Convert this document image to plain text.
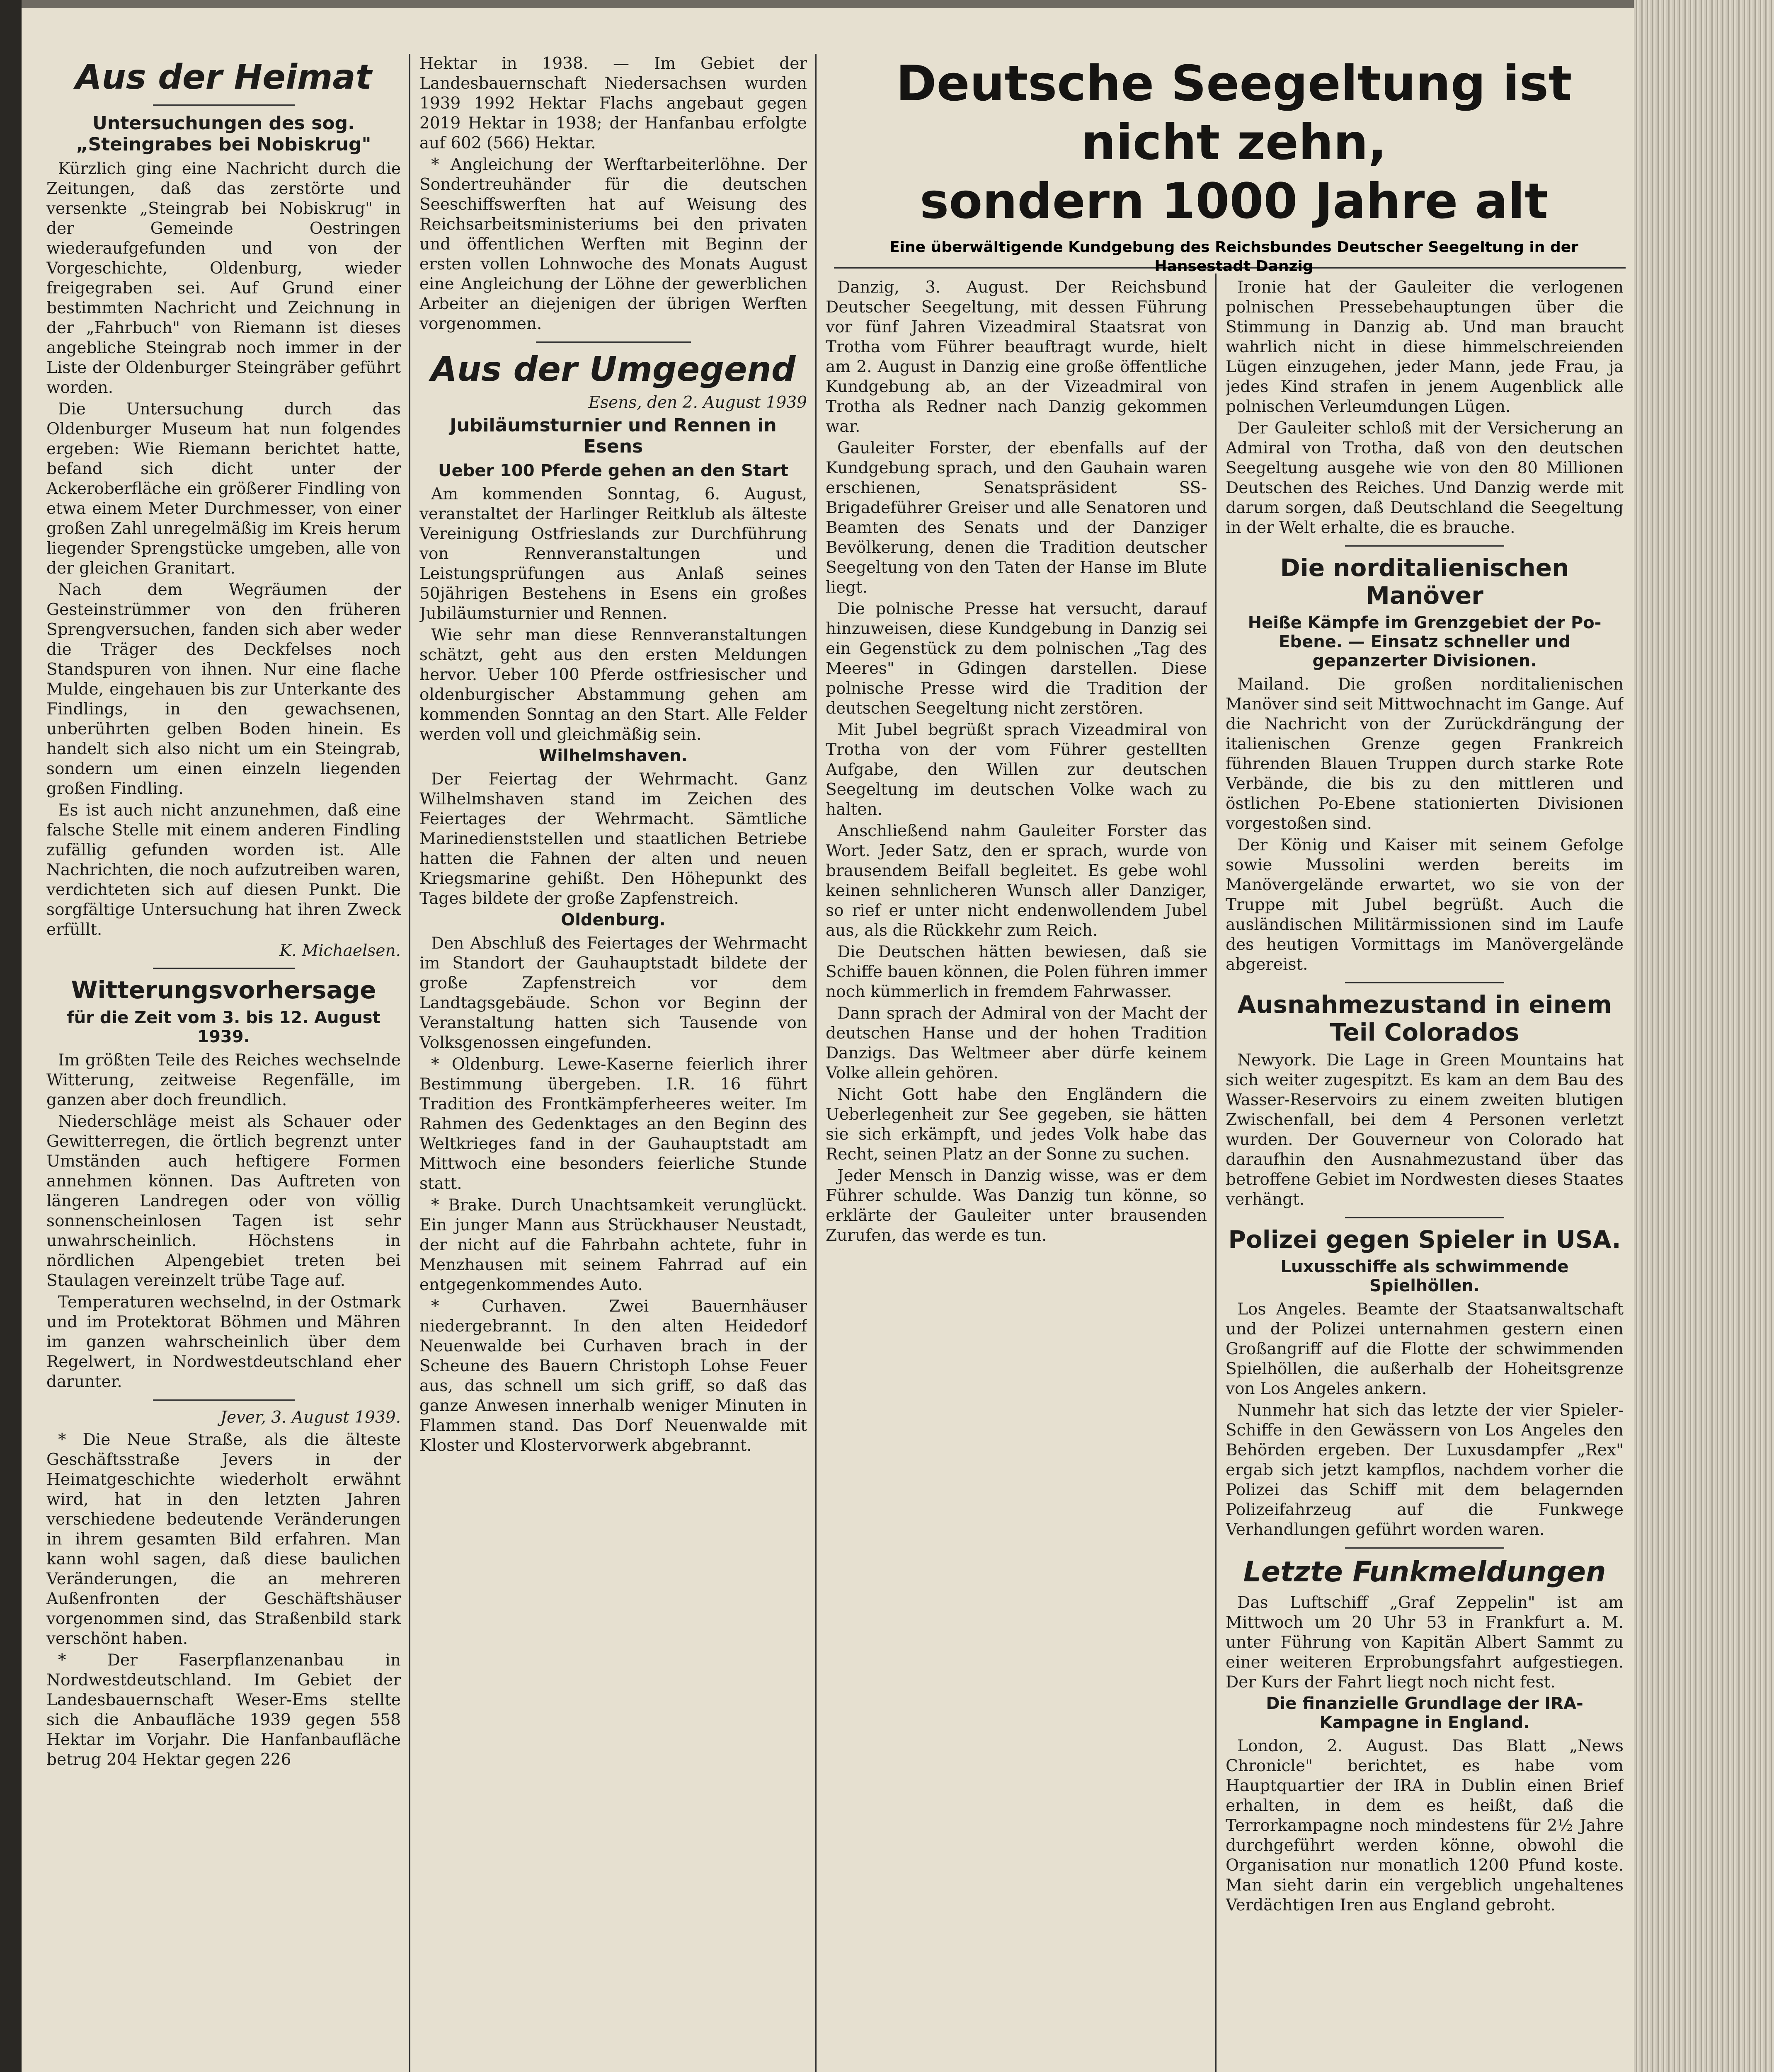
Aus der Heimat
Untersuchungen des sog. „Steingrabes bei Nobiskrug"

Kürzlich ging eine Nachricht durch die Zeitungen, daß das zerstörte und versenkte „Steingrab bei Nobiskrug" in der Gemeinde Oestringen wiederaufgefunden und von der Vorgeschichte, Oldenburg, wieder freigegraben sei. Auf Grund einer bestimmten Nachricht und Zeichnung in der „Fahrbuch" von Riemann ist dieses angebliche Steingrab noch immer in der Liste der Oldenburger Steingräber geführt worden.

Die Untersuchung durch das Oldenburger Museum hat nun folgendes ergeben: Wie Riemann berichtet hatte, befand sich dicht unter der Ackeroberfläche ein größerer Findling von etwa einem Meter Durchmesser, von einer großen Zahl unregelmäßig im Kreis herum liegender Sprengstücke umgeben, alle von der gleichen Granitart.

Nach dem Wegräumen der Gesteinstrümmer von den früheren Sprengversuchen, fanden sich aber weder die Träger des Deckfelses noch Standspuren von ihnen. Nur eine flache Mulde, eingehauen bis zur Unterkante des Findlings, in den gewachsenen, unberührten gelben Boden hinein. Es handelt sich also nicht um ein Steingrab, sondern um einen einzeln liegenden großen Findling.

Es ist auch nicht anzunehmen, daß eine falsche Stelle mit einem anderen Findling zufällig gefunden worden ist. Alle Nachrichten, die noch aufzutreiben waren, verdichteten sich auf diesen Punkt. Die sorgfältige Untersuchung hat ihren Zweck erfüllt.

K. Michaelsen.
Witterungsvorhersage
für die Zeit vom 3. bis 12. August 1939.

Im größten Teile des Reiches wechselnde Witterung, zeitweise Regenfälle, im ganzen aber doch freundlich.

Niederschläge meist als Schauer oder Gewitterregen, die örtlich begrenzt unter Umständen auch heftigere Formen annehmen können. Das Auftreten von längeren Landregen oder von völlig sonnenscheinlosen Tagen ist sehr unwahrscheinlich. Höchstens in nördlichen Alpengebiet treten bei Staulagen vereinzelt trübe Tage auf.

Temperaturen wechselnd, in der Ostmark und im Protektorat Böhmen und Mähren im ganzen wahrscheinlich über dem Regelwert, in Nordwestdeutschland eher darunter.

Jever, 3. August 1939.

* Die Neue Straße, als die älteste Geschäftsstraße Jevers in der Heimatgeschichte wiederholt erwähnt wird, hat in den letzten Jahren verschiedene bedeutende Veränderungen in ihrem gesamten Bild erfahren. Man kann wohl sagen, daß diese baulichen Veränderungen, die an mehreren Außenfronten der Geschäftshäuser vorgenommen sind, das Straßenbild stark verschönt haben.

* Der Faserpflanzenanbau in Nordwestdeutschland. Im Gebiet der Landesbauernschaft Weser-Ems stellte sich die Anbaufläche 1939 gegen 558 Hektar im Vorjahr. Die Hanfanbaufläche betrug 204 Hektar gegen 226

Hektar in 1938. — Im Gebiet der Landesbauernschaft Niedersachsen wurden 1939 1992 Hektar Flachs angebaut gegen 2019 Hektar in 1938; der Hanfanbau erfolgte auf 602 (566) Hektar.

* Angleichung der Werftarbeiterlöhne. Der Sondertreuhänder für die deutschen Seeschiffswerften hat auf Weisung des Reichsarbeitsministeriums bei den privaten und öffentlichen Werften mit Beginn der ersten vollen Lohnwoche des Monats August eine Angleichung der Löhne der gewerblichen Arbeiter an diejenigen der übrigen Werften vorgenommen.

Aus der Umgegend
Esens, den 2. August 1939
Jubiläumsturnier und Rennen in Esens
Ueber 100 Pferde gehen an den Start

Am kommenden Sonntag, 6. August, veranstaltet der Harlinger Reitklub als älteste Vereinigung Ostfrieslands zur Durchführung von Rennveranstaltungen und Leistungsprüfungen aus Anlaß seines 50jährigen Bestehens in Esens ein großes Jubiläumsturnier und Rennen.

Wie sehr man diese Rennveranstaltungen schätzt, geht aus den ersten Meldungen hervor. Ueber 100 Pferde ostfriesischer und oldenburgischer Abstammung gehen am kommenden Sonntag an den Start. Alle Felder werden voll und gleichmäßig sein.

Wilhelmshaven.

Der Feiertag der Wehrmacht. Ganz Wilhelmshaven stand im Zeichen des Feiertages der Wehrmacht. Sämtliche Marinedienststellen und staatlichen Betriebe hatten die Fahnen der alten und neuen Kriegsmarine gehißt. Den Höhepunkt des Tages bildete der große Zapfenstreich.

Oldenburg.

Den Abschluß des Feiertages der Wehrmacht im Standort der Gauhauptstadt bildete der große Zapfenstreich vor dem Landtagsgebäude. Schon vor Beginn der Veranstaltung hatten sich Tausende von Volksgenossen eingefunden.

* Oldenburg. Lewe-Kaserne feierlich ihrer Bestimmung übergeben. I.R. 16 führt Tradition des Frontkämpferheeres weiter. Im Rahmen des Gedenktages an den Beginn des Weltkrieges fand in der Gauhauptstadt am Mittwoch eine besonders feierliche Stunde statt.

* Brake. Durch Unachtsamkeit verunglückt. Ein junger Mann aus Strückhauser Neustadt, der nicht auf die Fahrbahn achtete, fuhr in Menzhausen mit seinem Fahrrad auf ein entgegenkommendes Auto.

* Curhaven. Zwei Bauernhäuser niedergebrannt. In den alten Heidedorf Neuenwalde bei Curhaven brach in der Scheune des Bauern Christoph Lohse Feuer aus, das schnell um sich griff, so daß das ganze Anwesen innerhalb weniger Minuten in Flammen stand. Das Dorf Neuenwalde mit Kloster und Klostervorwerk abgebrannt.

Deutsche Seegeltung ist nicht zehn,

sondern 1000 Jahre alt

Eine überwältigende Kundgebung des Reichsbundes Deutscher Seegeltung in der Hansestadt Danzig

Danzig, 3. August. Der Reichsbund Deutscher Seegeltung, mit dessen Führung vor fünf Jahren Vizeadmiral Staatsrat von Trotha vom Führer beauftragt wurde, hielt am 2. August in Danzig eine große öffentliche Kundgebung ab, an der Vizeadmiral von Trotha als Redner nach Danzig gekommen war.

Gauleiter Forster, der ebenfalls auf der Kundgebung sprach, und den Gauhain waren erschienen, Senatspräsident SS-Brigadeführer Greiser und alle Senatoren und Beamten des Senats und der Danziger Bevölkerung, denen die Tradition deutscher Seegeltung von den Taten der Hanse im Blute liegt.

Die polnische Presse hat versucht, darauf hinzuweisen, diese Kundgebung in Danzig sei ein Gegenstück zu dem polnischen „Tag des Meeres" in Gdingen darstellen. Diese polnische Presse wird die Tradition der deutschen Seegeltung nicht zerstören.

Mit Jubel begrüßt sprach Vizeadmiral von Trotha von der vom Führer gestellten Aufgabe, den Willen zur deutschen Seegeltung im deutschen Volke wach zu halten.

Anschließend nahm Gauleiter Forster das Wort. Jeder Satz, den er sprach, wurde von brausendem Beifall begleitet. Es gebe wohl keinen sehnlicheren Wunsch aller Danziger, so rief er unter nicht endenwollendem Jubel aus, als die Rückkehr zum Reich.

Die Deutschen hätten bewiesen, daß sie Schiffe bauen können, die Polen führen immer noch kümmerlich in fremdem Fahrwasser.

Dann sprach der Admiral von der Macht der deutschen Hanse und der hohen Tradition Danzigs. Das Weltmeer aber dürfe keinem Volke allein gehören.

Nicht Gott habe den Engländern die Ueberlegenheit zur See gegeben, sie hätten sie sich erkämpft, und jedes Volk habe das Recht, seinen Platz an der Sonne zu suchen.

Jeder Mensch in Danzig wisse, was er dem Führer schulde. Was Danzig tun könne, so erklärte der Gauleiter unter brausenden Zurufen, das werde es tun.

Ironie hat der Gauleiter die verlogenen polnischen Pressebehauptungen über die Stimmung in Danzig ab. Und man braucht wahrlich nicht in diese himmelschreienden Lügen einzugehen, jeder Mann, jede Frau, ja jedes Kind strafen in jenem Augenblick alle polnischen Verleumdungen Lügen.

Der Gauleiter schloß mit der Versicherung an Admiral von Trotha, daß von den deutschen Seegeltung ausgehe wie von den 80 Millionen Deutschen des Reiches. Und Danzig werde mit darum sorgen, daß Deutschland die Seegeltung in der Welt erhalte, die es brauche.

Die norditalienischen Manöver
Heiße Kämpfe im Grenzgebiet der Po-Ebene. — Einsatz schneller und gepanzerter Divisionen.

Mailand. Die großen norditalienischen Manöver sind seit Mittwochnacht im Gange. Auf die Nachricht von der Zurückdrängung der italienischen Grenze gegen Frankreich führenden Blauen Truppen durch starke Rote Verbände, die bis zu den mittleren und östlichen Po-Ebene stationierten Divisionen vorgestoßen sind.

Der König und Kaiser mit seinem Gefolge sowie Mussolini werden bereits im Manövergelände erwartet, wo sie von der Truppe mit Jubel begrüßt. Auch die ausländischen Militärmissionen sind im Laufe des heutigen Vormittags im Manövergelände abgereist.

Ausnahmezustand in einem Teil Colorados

Newyork. Die Lage in Green Mountains hat sich weiter zugespitzt. Es kam an dem Bau des Wasser-Reservoirs zu einem zweiten blutigen Zwischenfall, bei dem 4 Personen verletzt wurden. Der Gouverneur von Colorado hat daraufhin den Ausnahmezustand über das betroffene Gebiet im Nordwesten dieses Staates verhängt.

Polizei gegen Spieler in USA.
Luxusschiffe als schwimmende Spielhöllen.

Los Angeles. Beamte der Staatsanwaltschaft und der Polizei unternahmen gestern einen Großangriff auf die Flotte der schwimmenden Spielhöllen, die außerhalb der Hoheitsgrenze von Los Angeles ankern.

Nunmehr hat sich das letzte der vier Spieler-Schiffe in den Gewässern von Los Angeles den Behörden ergeben. Der Luxusdampfer „Rex" ergab sich jetzt kampflos, nachdem vorher die Polizei das Schiff mit dem belagernden Polizeifahrzeug auf die Funkwege Verhandlungen geführt worden waren.

Letzte Funkmeldungen

Das Luftschiff „Graf Zeppelin" ist am Mittwoch um 20 Uhr 53 in Frankfurt a. M. unter Führung von Kapitän Albert Sammt zu einer weiteren Erprobungsfahrt aufgestiegen. Der Kurs der Fahrt liegt noch nicht fest.

Die finanzielle Grundlage der IRA-Kampagne in England.

London, 2. August. Das Blatt „News Chronicle" berichtet, es habe vom Hauptquartier der IRA in Dublin einen Brief erhalten, in dem es heißt, daß die Terrorkampagne noch mindestens für 2½ Jahre durchgeführt werden könne, obwohl die Organisation nur monatlich 1200 Pfund koste. Man sieht darin ein vergeblich ungehaltenes Verdächtigen Iren aus England gebroht.
